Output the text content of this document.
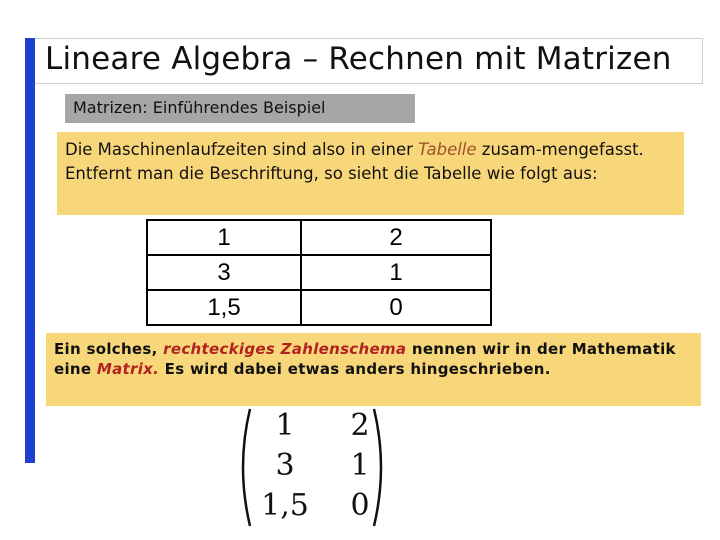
Lineare Algebra – Rechnen mit Matrizen
Matrizen: Einführendes Beispiel
Die Maschinenlaufzeiten sind also in einer Tabelle zusam-mengefasst. Entfernt man die Beschriftung, so sieht die Tabelle wie folgt aus:
1	2
3	1
1,5	0
Ein solches, rechteckiges Zahlenschema nennen wir in der Mathematik eine Matrix. Es wird dabei etwas anders hingeschrieben.
1	2
3	1
1,5	0
